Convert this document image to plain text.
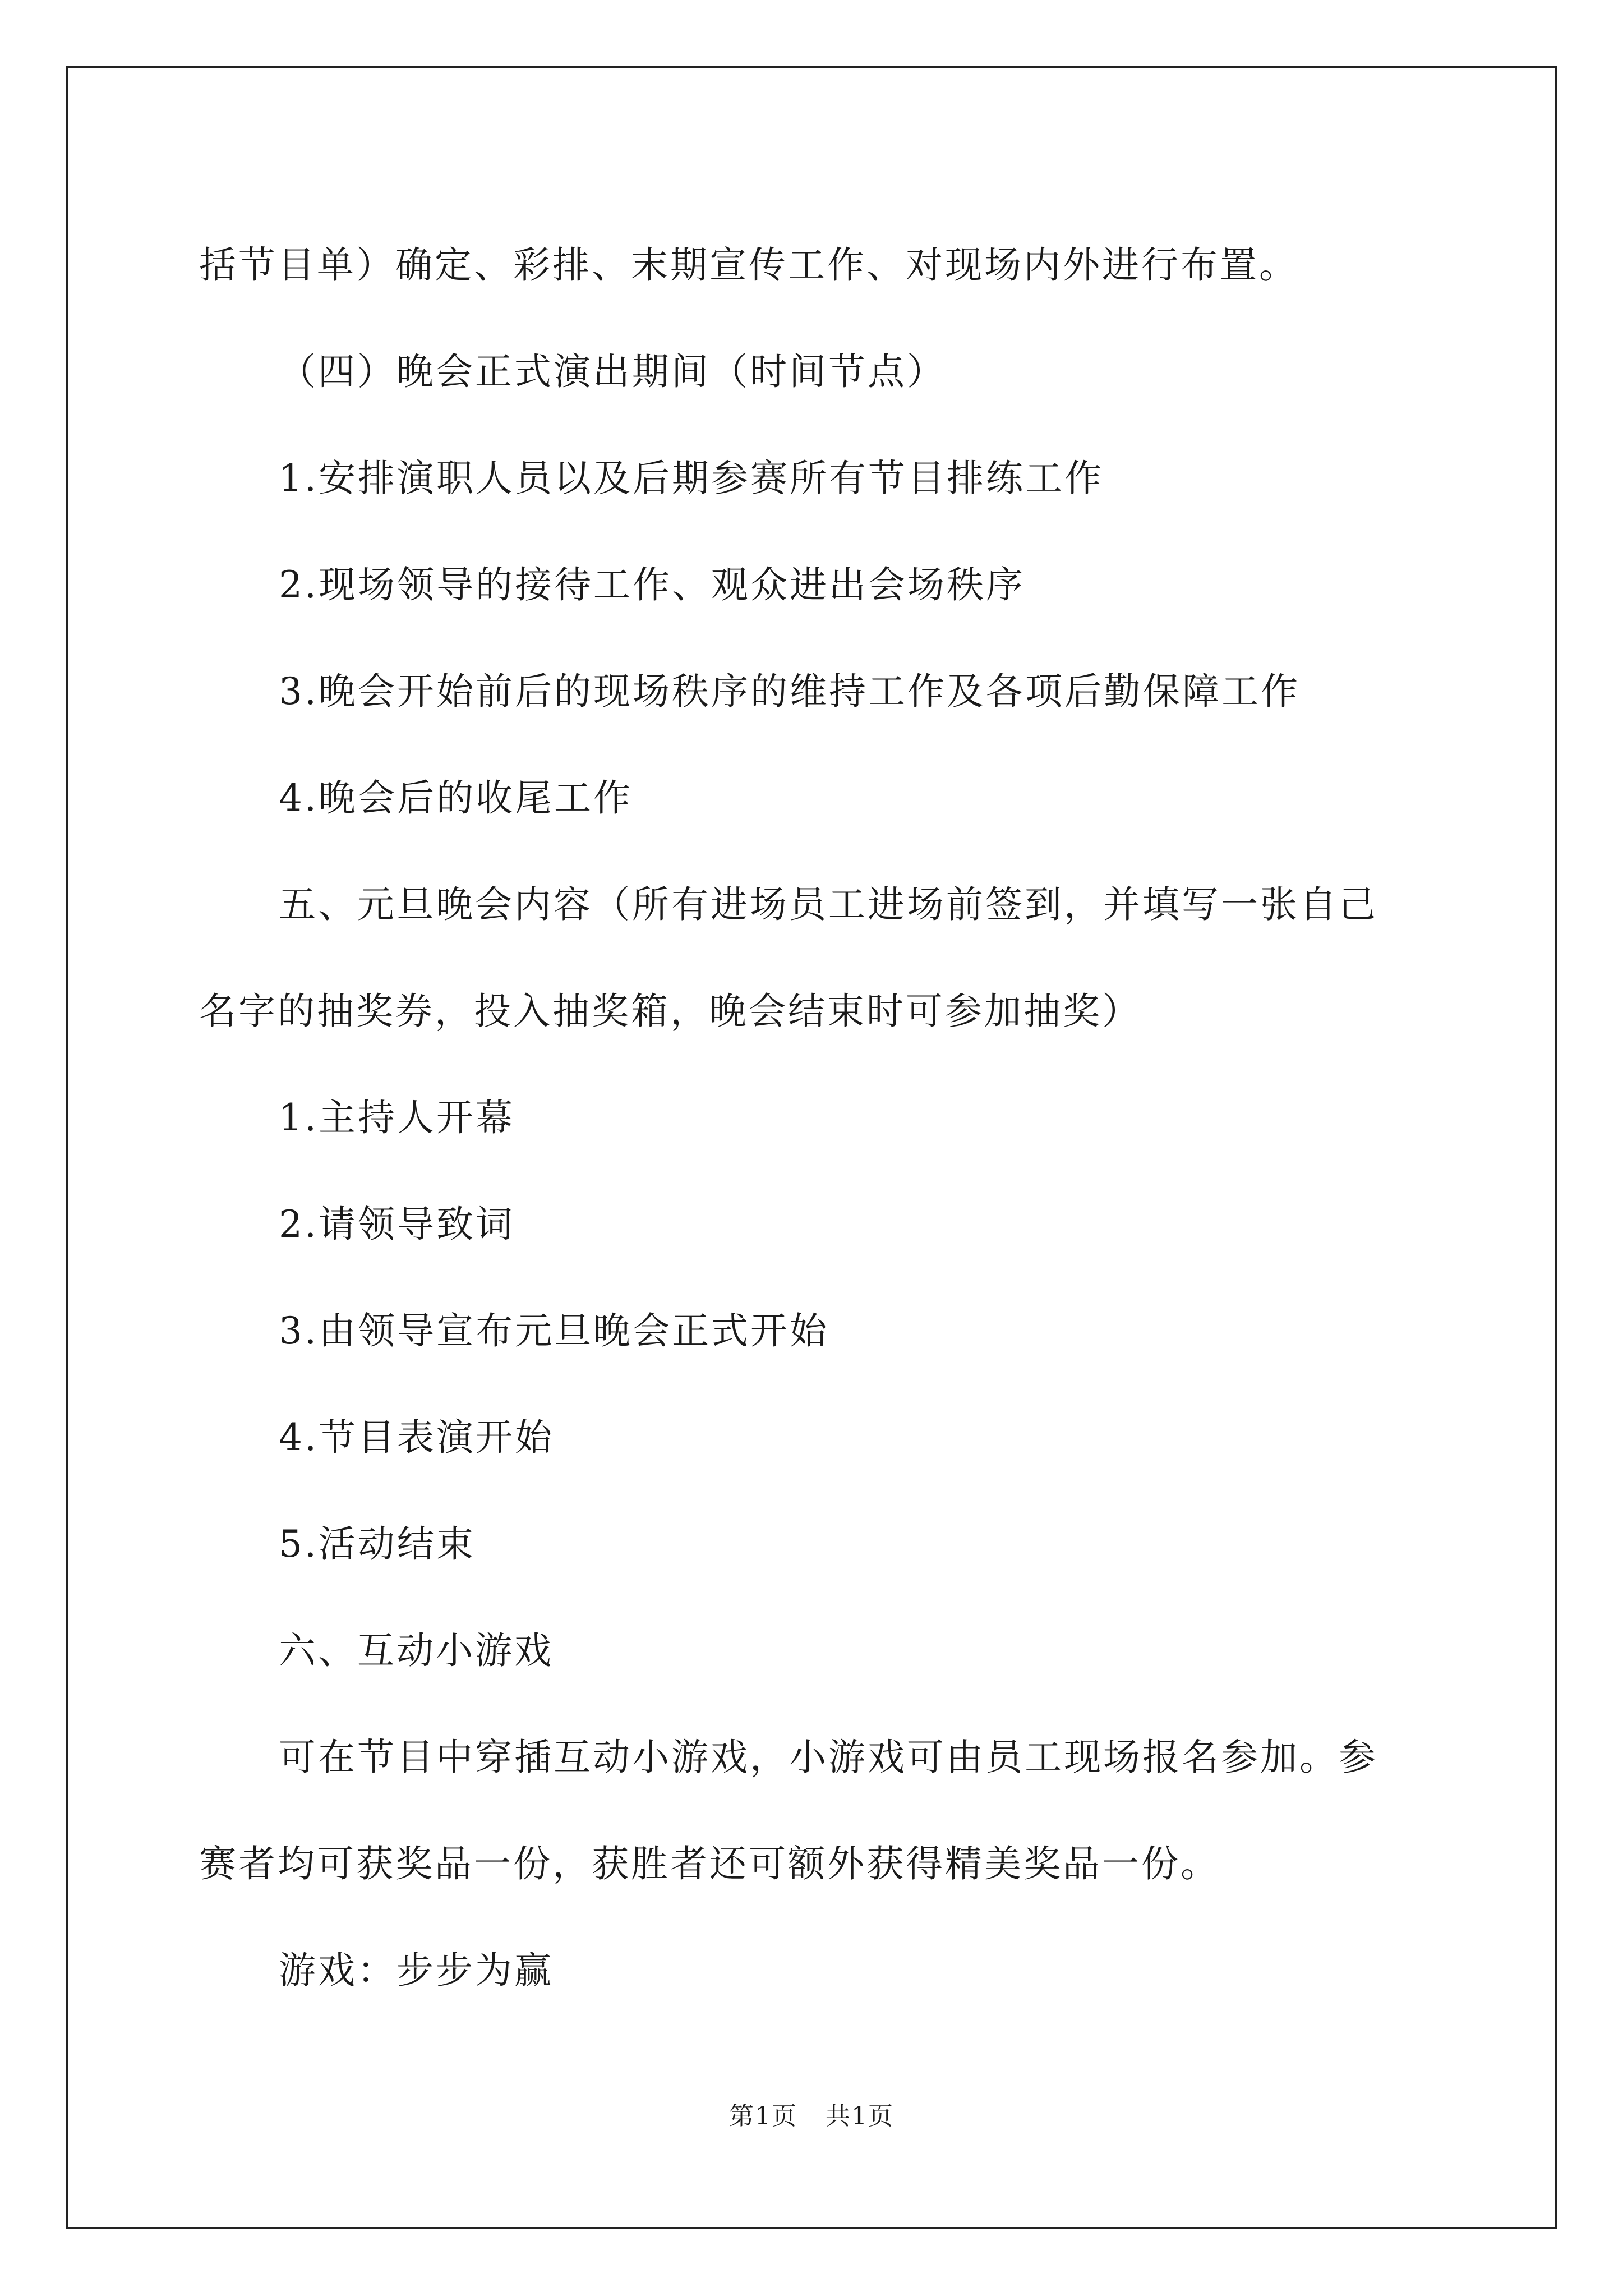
括节目单）确定、彩排、末期宣传工作、对现场内外进行布置。

（四）晚会正式演出期间（时间节点）

1.安排演职人员以及后期参赛所有节目排练工作

2.现场领导的接待工作、观众进出会场秩序

3.晚会开始前后的现场秩序的维持工作及各项后勤保障工作

4.晚会后的收尾工作

五、元旦晚会内容（所有进场员工进场前签到，并填写一张自己

名字的抽奖券，投入抽奖箱，晚会结束时可参加抽奖）

1.主持人开幕

2.请领导致词

3.由领导宣布元旦晚会正式开始

4.节目表演开始

5.活动结束

六、互动小游戏

可在节目中穿插互动小游戏，小游戏可由员工现场报名参加。参

赛者均可获奖品一份，获胜者还可额外获得精美奖品一份。

游戏：步步为赢

第1页 共1页
